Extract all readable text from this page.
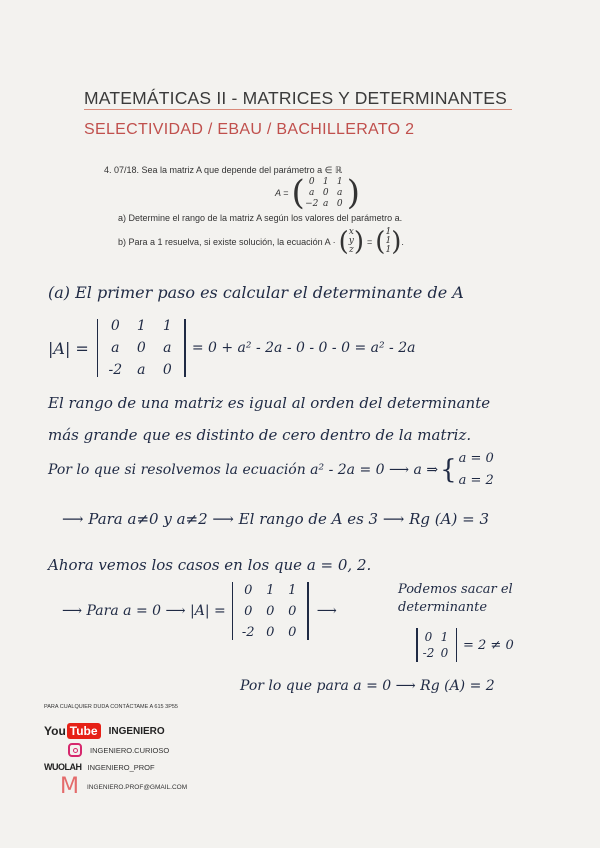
MATEMÁTICAS II - MATRICES Y DETERMINANTES
SELECTIVIDAD / EBAU / BACHILLERATO 2
4. 07/18. Sea la matriz A que depende del parámetro a ∈ ℝ
A = ( 0 1 1
a 0 a
−2 a 0 )
a) Determine el rango de la matriz A según los valores del parámetro a.
b) Para a 1 resuelva, si existe solución, la ecuación A · ( x
y
z ) = ( 1
1
1 ) .
(a) El primer paso es calcular el determinante de A
|A| =
0	1	1
a	0	a
-2	a	0
= 0 + a² - 2a - 0 - 0 - 0 = a² - 2a
El rango de una matriz es igual al orden del determinante
más grande que es distinto de cero dentro de la matriz.
Por lo que si resolvemos la ecuación a² - 2a = 0 ⟶ a ⇒ { a = 0
a = 2
⟶ Para a≠0 y a≠2 ⟶ El rango de A es 3 ⟶ Rg (A) = 3
Ahora vemos los casos en los que a = 0, 2.
⟶ Para a = 0 ⟶ |A| =
0	1	1
0	0	0
-2 0	0
⟶
Podemos sacar el
determinante
0 1
-2 0
= 2 ≠ 0
Por lo que para a = 0 ⟶ Rg (A) = 2
PARA CUALQUIER DUDA CONTÁCTAME A 615 3P55
You Tube	INGENIERO
INGENIERO.CURIOSO
WUOLAH INGENIERO_PROF
M INGENIERO.PROF@GMAIL.COM
